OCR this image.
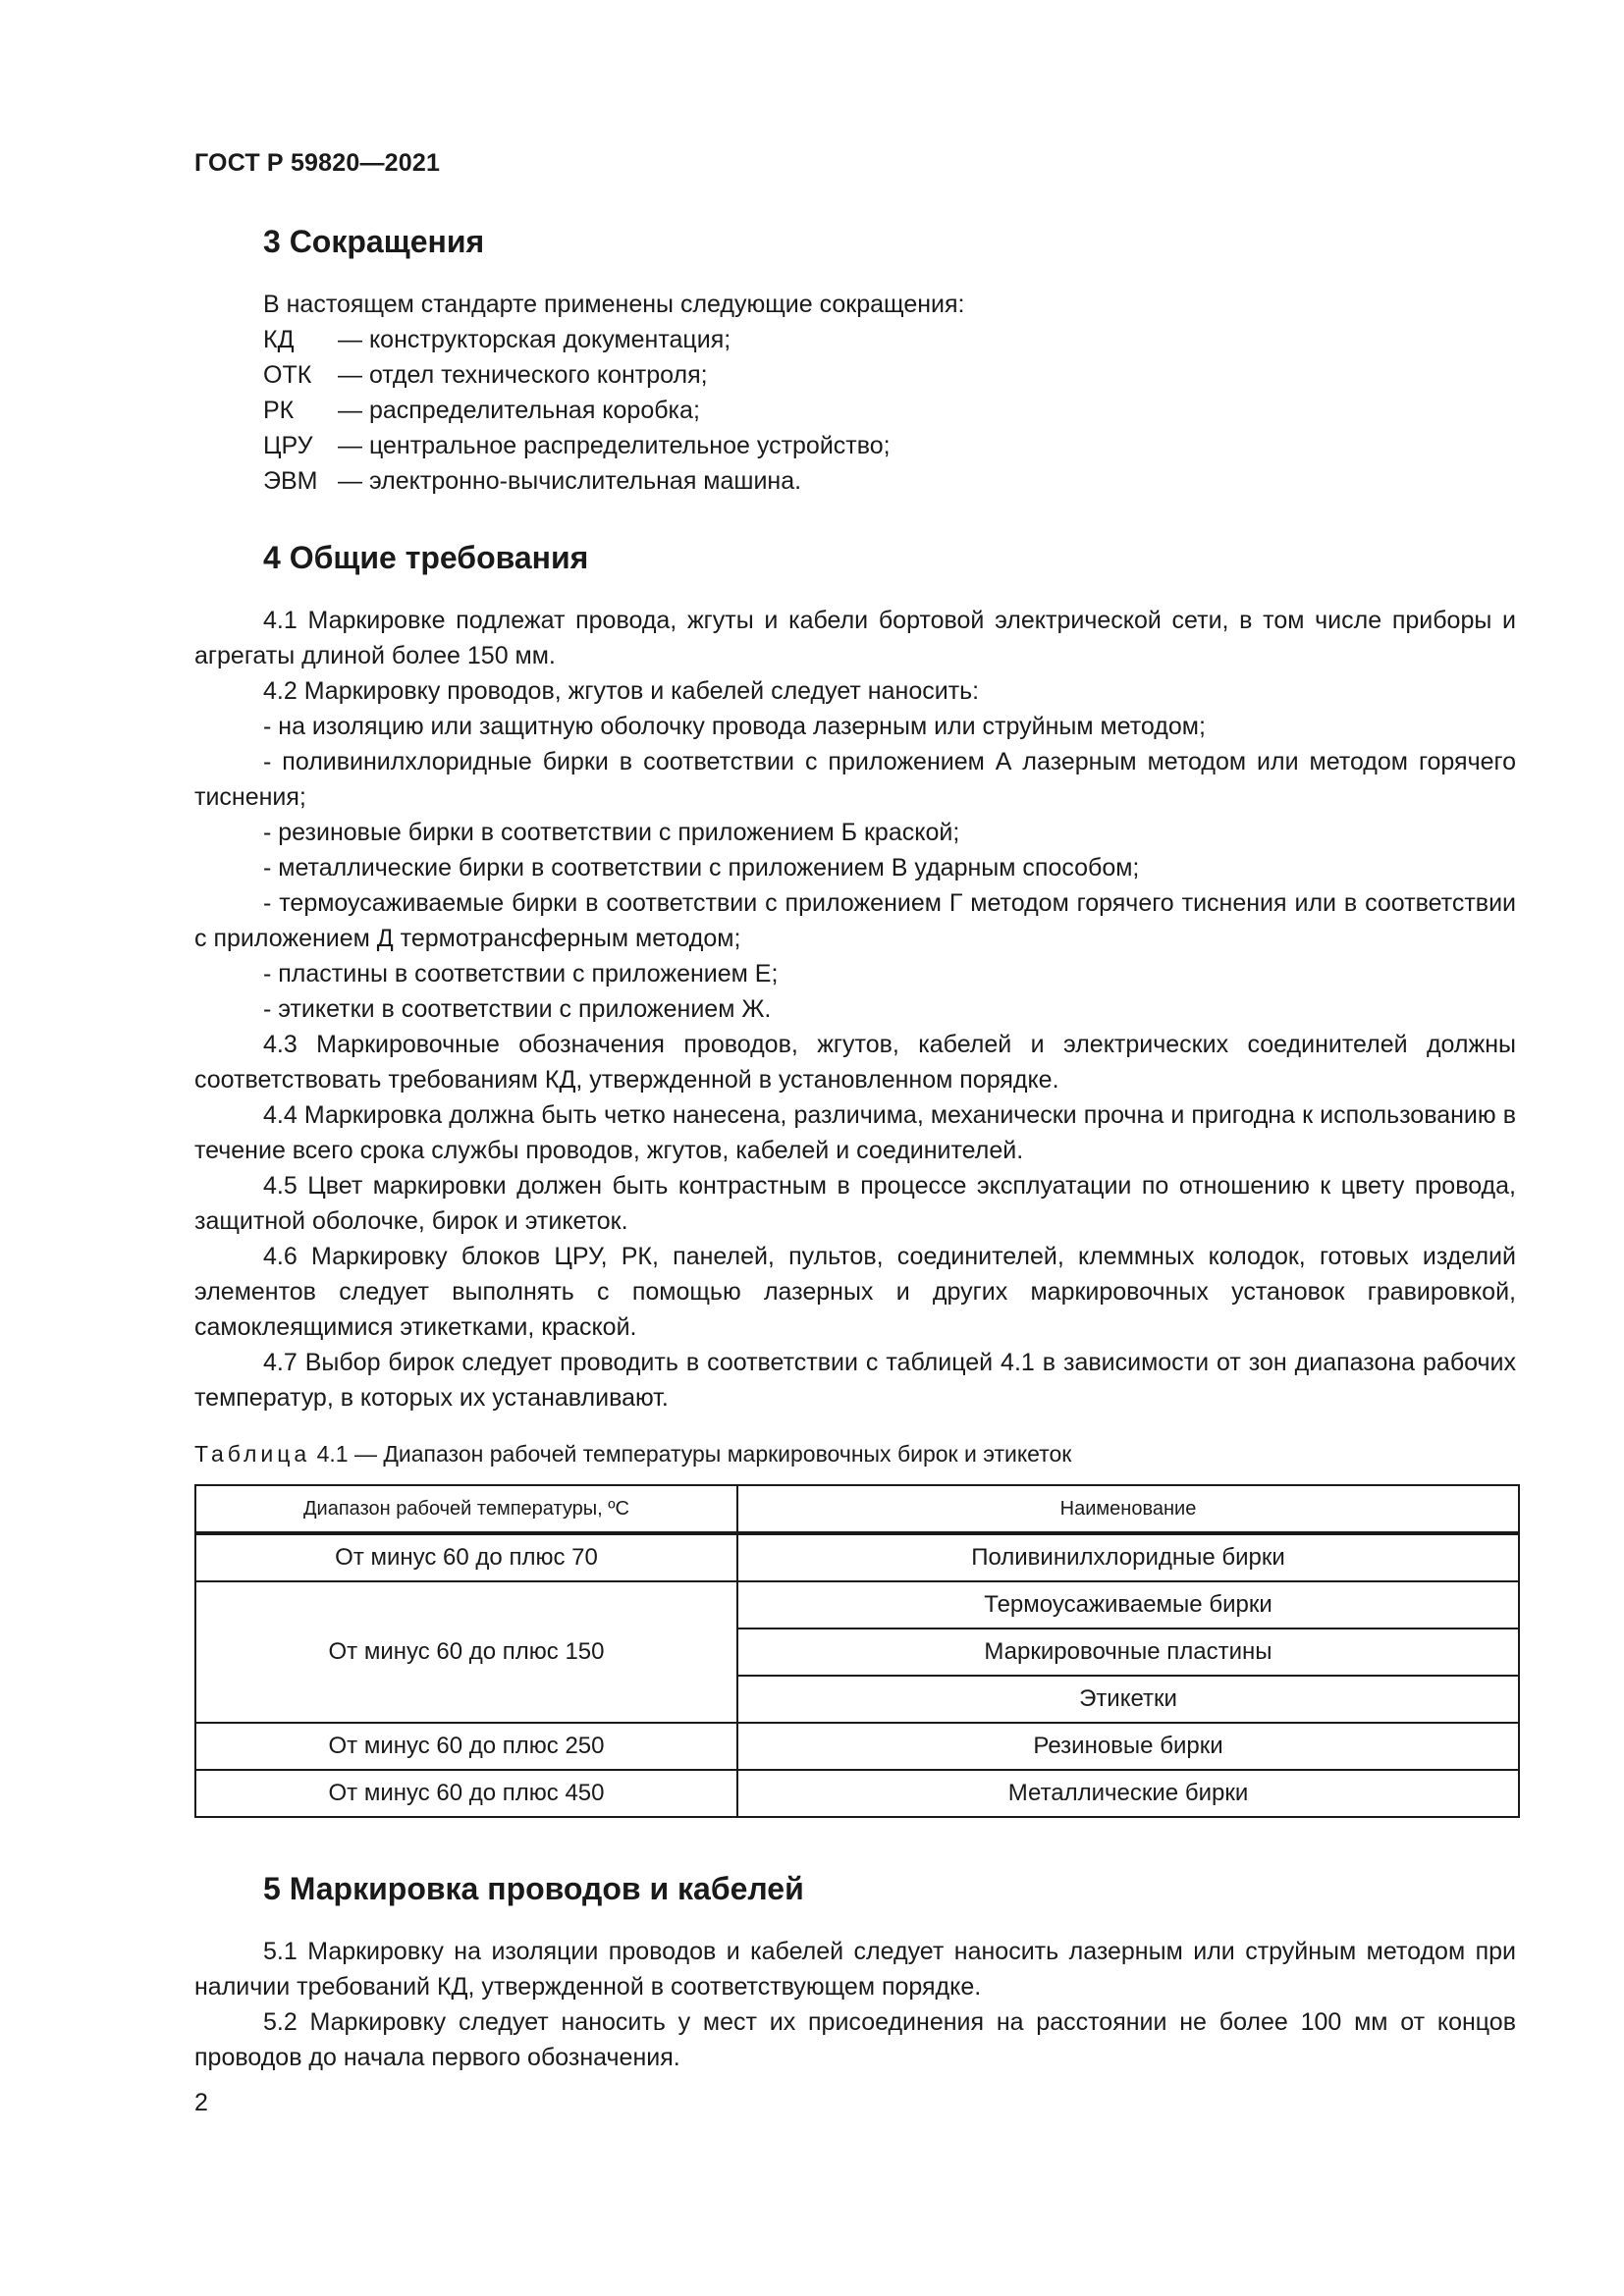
ГОСТ Р 59820—2021
3 Сокращения
В настоящем стандарте применены следующие сокращения:
КД — конструкторская документация;
ОТК — отдел технического контроля;
РК — распределительная коробка;
ЦРУ — центральное распределительное устройство;
ЭВМ — электронно-вычислительная машина.
4 Общие требования
4.1 Маркировке подлежат провода, жгуты и кабели бортовой электрической сети, в том числе приборы и агрегаты длиной более 150 мм.
4.2 Маркировку проводов, жгутов и кабелей следует наносить:
- на изоляцию или защитную оболочку провода лазерным или струйным методом;
- поливинилхлоридные бирки в соответствии с приложением А лазерным методом или методом горячего тиснения;
- резиновые бирки в соответствии с приложением Б краской;
- металлические бирки в соответствии с приложением В ударным способом;
- термоусаживаемые бирки в соответствии с приложением Г методом горячего тиснения или в соответствии с приложением Д термотрансферным методом;
- пластины в соответствии с приложением Е;
- этикетки в соответствии с приложением Ж.
4.3 Маркировочные обозначения проводов, жгутов, кабелей и электрических соединителей должны соответствовать требованиям КД, утвержденной в установленном порядке.
4.4 Маркировка должна быть четко нанесена, различима, механически прочна и пригодна к использованию в течение всего срока службы проводов, жгутов, кабелей и соединителей.
4.5 Цвет маркировки должен быть контрастным в процессе эксплуатации по отношению к цвету провода, защитной оболочке, бирок и этикеток.
4.6 Маркировку блоков ЦРУ, РК, панелей, пультов, соединителей, клеммных колодок, готовых изделий элементов следует выполнять с помощью лазерных и других маркировочных установок гравировкой, самоклеящимися этикетками, краской.
4.7 Выбор бирок следует проводить в соответствии с таблицей 4.1 в зависимости от зон диапазона рабочих температур, в которых их устанавливают.
Таблица 4.1 — Диапазон рабочей температуры маркировочных бирок и этикеток
Диапазон рабочей температуры, ºС	Наименование
От минус 60 до плюс 70	Поливинилхлоридные бирки
От минус 60 до плюс 150	Термоусаживаемые бирки
	Маркировочные пластины
	Этикетки
От минус 60 до плюс 250	Резиновые бирки
От минус 60 до плюс 450	Металлические бирки
5 Маркировка проводов и кабелей
5.1 Маркировку на изоляции проводов и кабелей следует наносить лазерным или струйным методом при наличии требований КД, утвержденной в соответствующем порядке.
5.2 Маркировку следует наносить у мест их присоединения на расстоянии не более 100 мм от концов проводов до начала первого обозначения.
2
